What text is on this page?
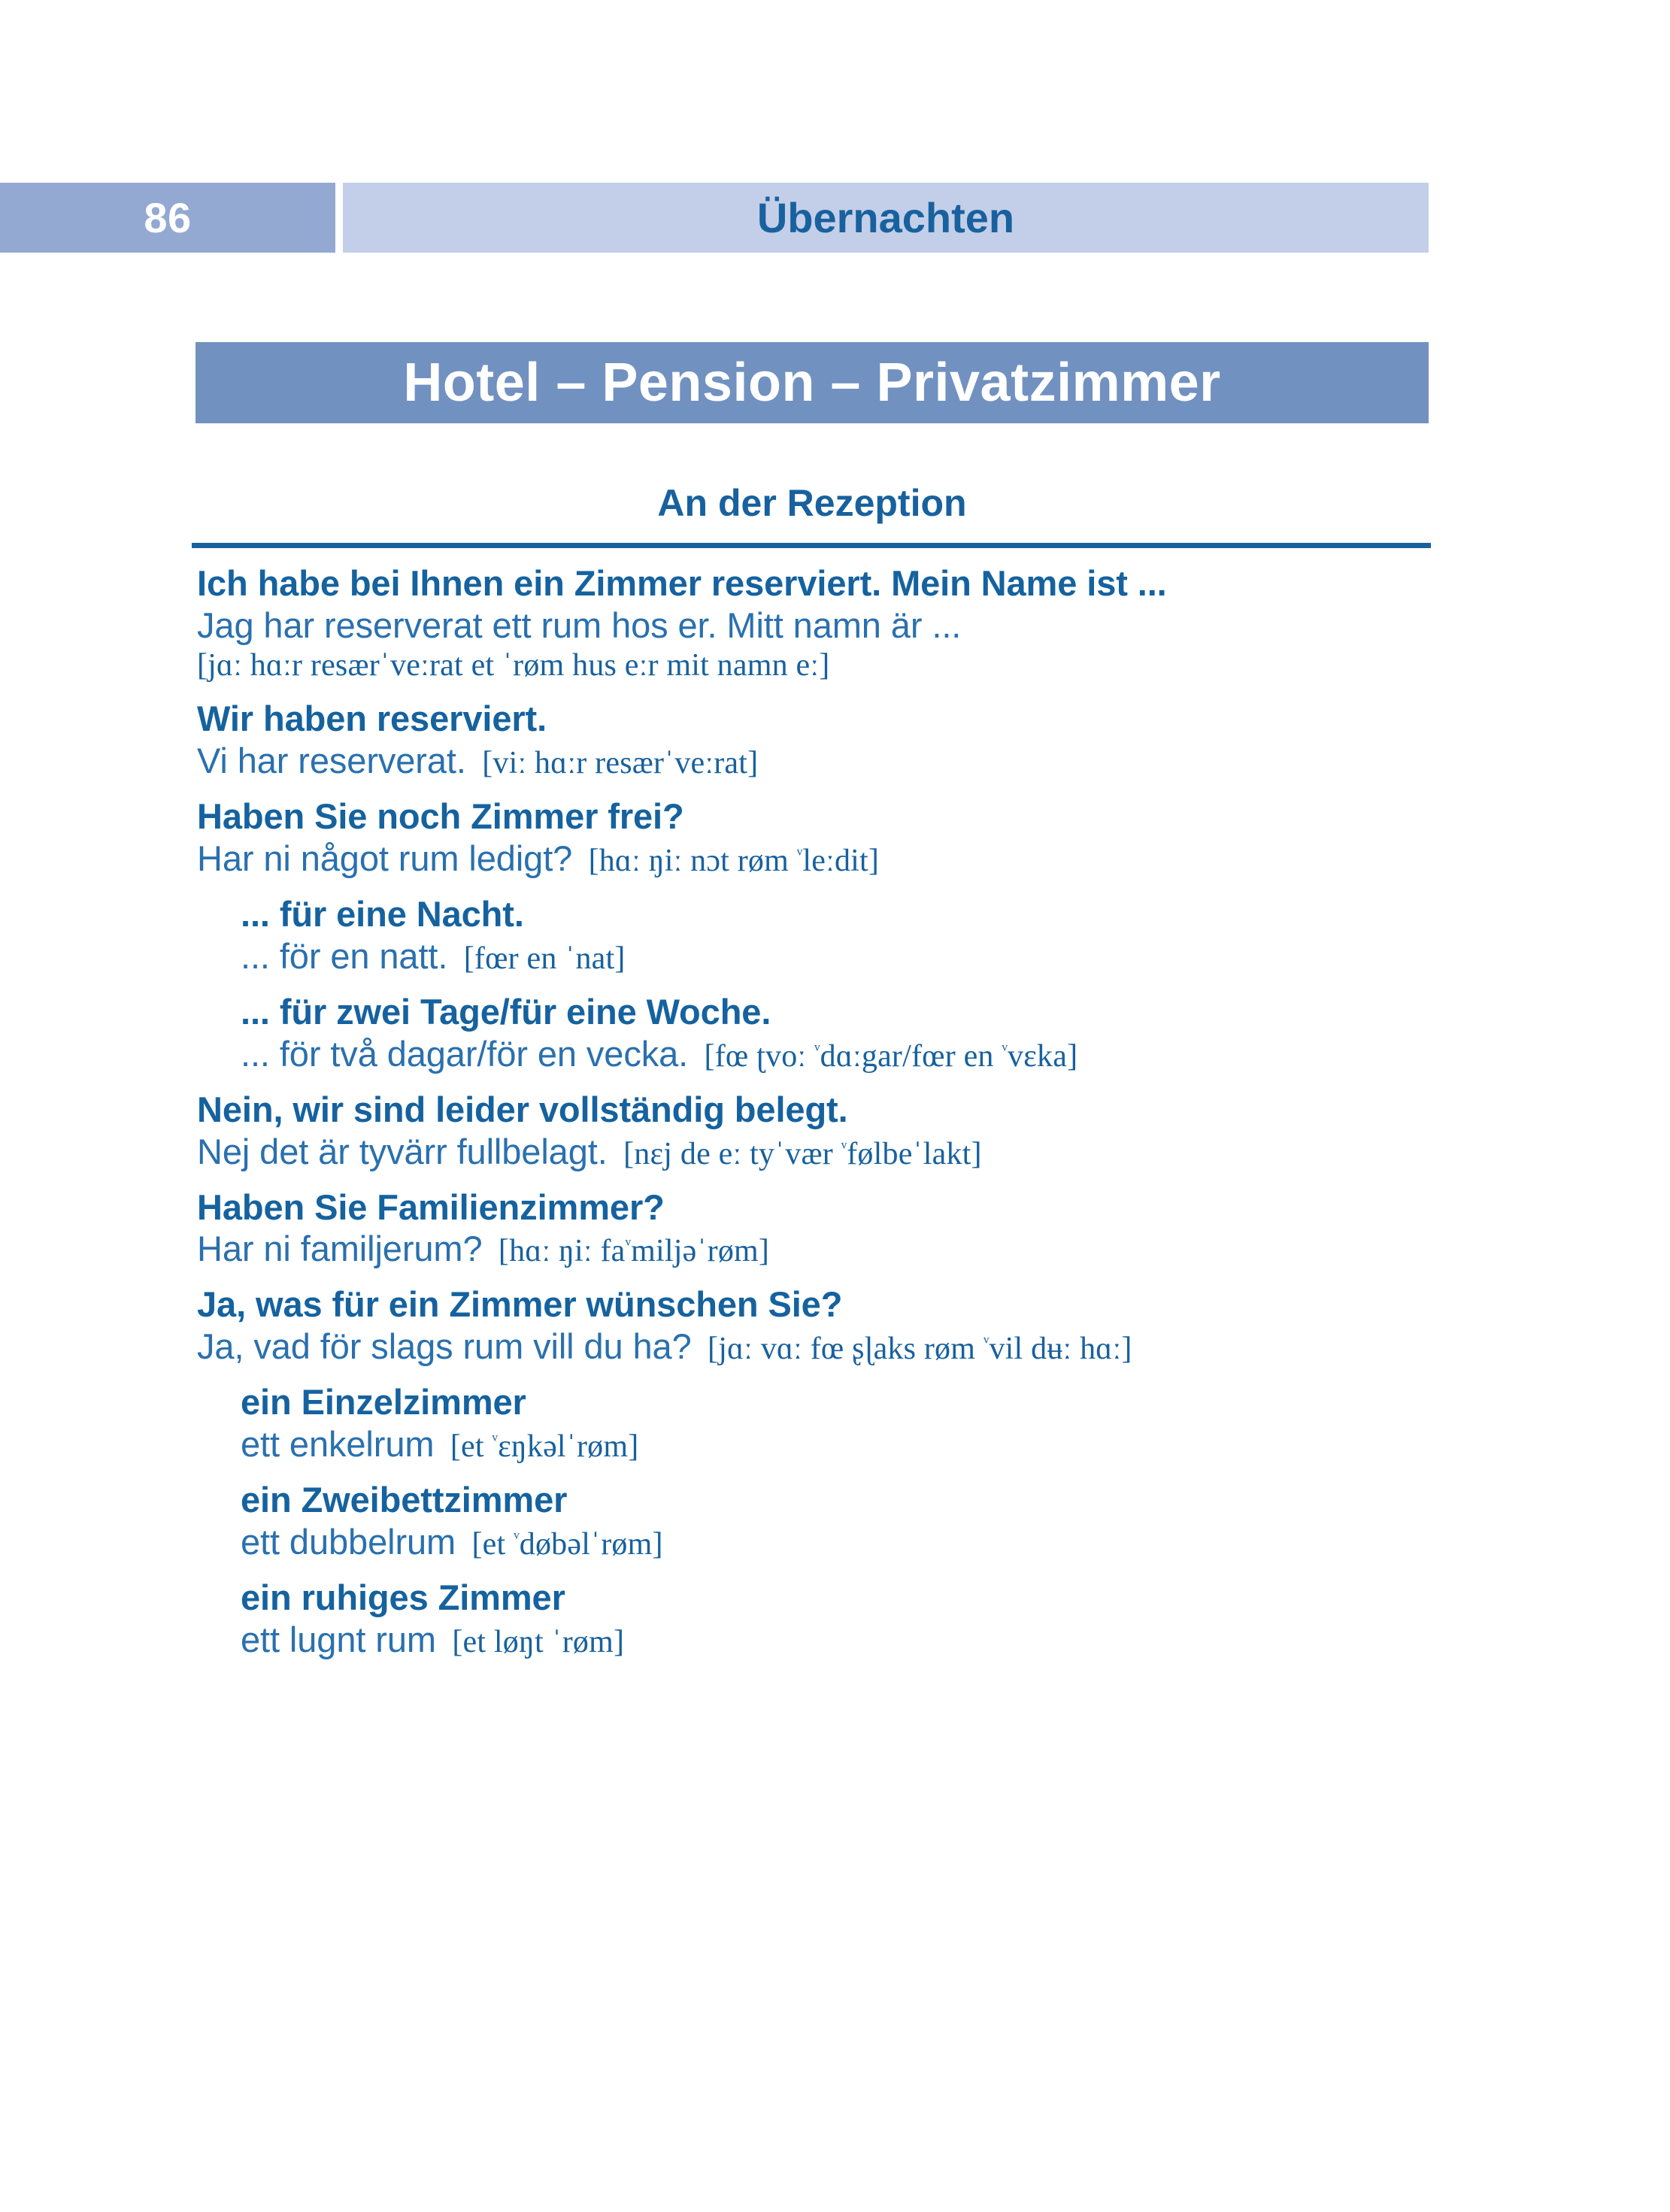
86	Übernachten
Hotel – Pension – Privatzimmer
An der Rezeption
Ich habe bei Ihnen ein Zimmer reserviert. Mein Name ist ...
Jag har reserverat ett rum hos er. Mitt namn är ...
[jɑː hɑːr resærˈveːrat et ˈrøm hus eːr mit namn eː]
Wir haben reserviert.
Vi har reserverat.  [viː hɑːr resærˈveːrat]
Haben Sie noch Zimmer frei?
Har ni något rum ledigt?  [hɑː ŋiː nɔt røm $^ᵛ$leːdit]
... für eine Nacht.
... för en natt.  [fœr en ˈnat]
... für zwei Tage/für eine Woche.
... för två dagar/för en vecka.  [fœ ʈvoː $^ᵛ$dɑːgar/fœr en $^ᵛ$vɛka]
Nein, wir sind leider vollständig belegt.
Nej det är tyvärr fullbelagt.  [nɛj de eː tyˈvær $^ᵛ$følbeˈlakt]
Haben Sie Familienzimmer?
Har ni familjerum?  [hɑː ŋiː $fa^ᵛmiljəˈrøm$]
Ja, was für ein Zimmer wünschen Sie?
Ja, vad för slags rum vill du ha?  [jɑː vɑː fœ ʂɭaks røm $^ᵛ$vil dʉː hɑː]
ein Einzelzimmer
ett enkelrum  [et $^ᵛ$ɛŋkəlˈrøm]
ein Zweibettzimmer
ett dubbelrum  [et $^ᵛ$døbəlˈrøm]
ein ruhiges Zimmer
ett lugnt rum  [et løŋt ˈrøm]
